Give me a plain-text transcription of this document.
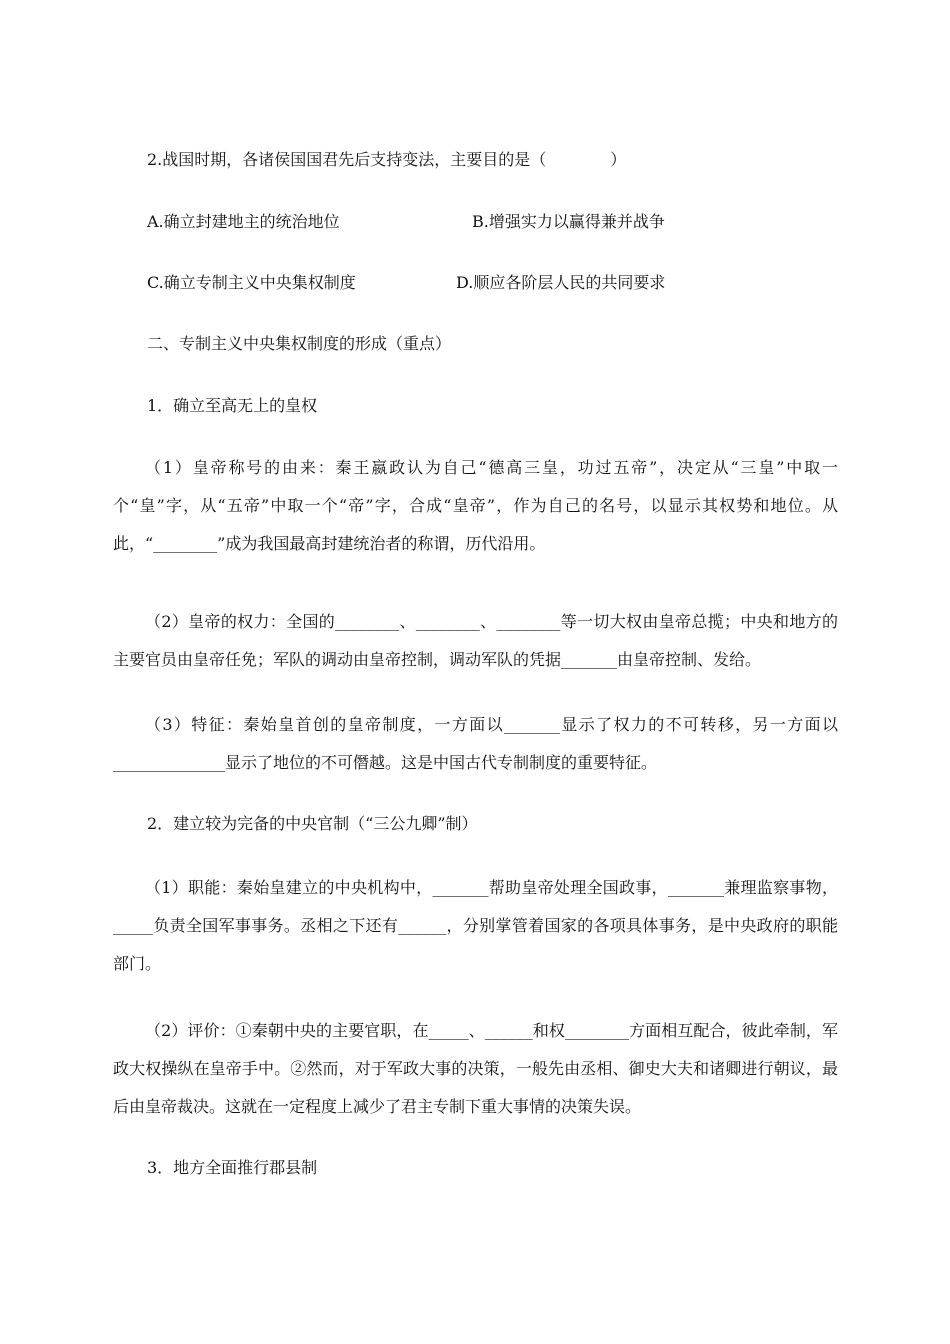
2.战国时期，各诸侯国国君先后支持变法，主要目的是（　　　　）
A.确立封建地主的统治地位	B.增强实力以赢得兼并战争
C.确立专制主义中央集权制度	D.顺应各阶层人民的共同要求
二、专制主义中央集权制度的形成（重点）
1．确立至高无上的皇权
（1）皇帝称号的由来：秦王嬴政认为自己“德高三皇，功过五帝”，决定从“三皇”中取一个“皇”字，从“五帝”中取一个“帝”字，合成“皇帝”，作为自己的名号，以显示其权势和地位。从此，“________”成为我国最高封建统治者的称谓，历代沿用。
（2）皇帝的权力：全国的________、________、________等一切大权由皇帝总揽；中央和地方的主要官员由皇帝任免；军队的调动由皇帝控制，调动军队的凭据_______由皇帝控制、发给。
（3）特征：秦始皇首创的皇帝制度，一方面以_______显示了权力的不可转移，另一方面以______________显示了地位的不可僭越。这是中国古代专制制度的重要特征。
2．建立较为完备的中央官制（“三公九卿”制）
（1）职能：秦始皇建立的中央机构中，_______帮助皇帝处理全国政事，_______兼理监察事物，_____负责全国军事事务。丞相之下还有______，分别掌管着国家的各项具体事务，是中央政府的职能部门。
（2）评价：①秦朝中央的主要官职，在_____、______和权________方面相互配合，彼此牵制，军政大权操纵在皇帝手中。②然而，对于军政大事的决策，一般先由丞相、御史大夫和诸卿进行朝议，最后由皇帝裁决。这就在一定程度上减少了君主专制下重大事情的决策失误。
3．地方全面推行郡县制
